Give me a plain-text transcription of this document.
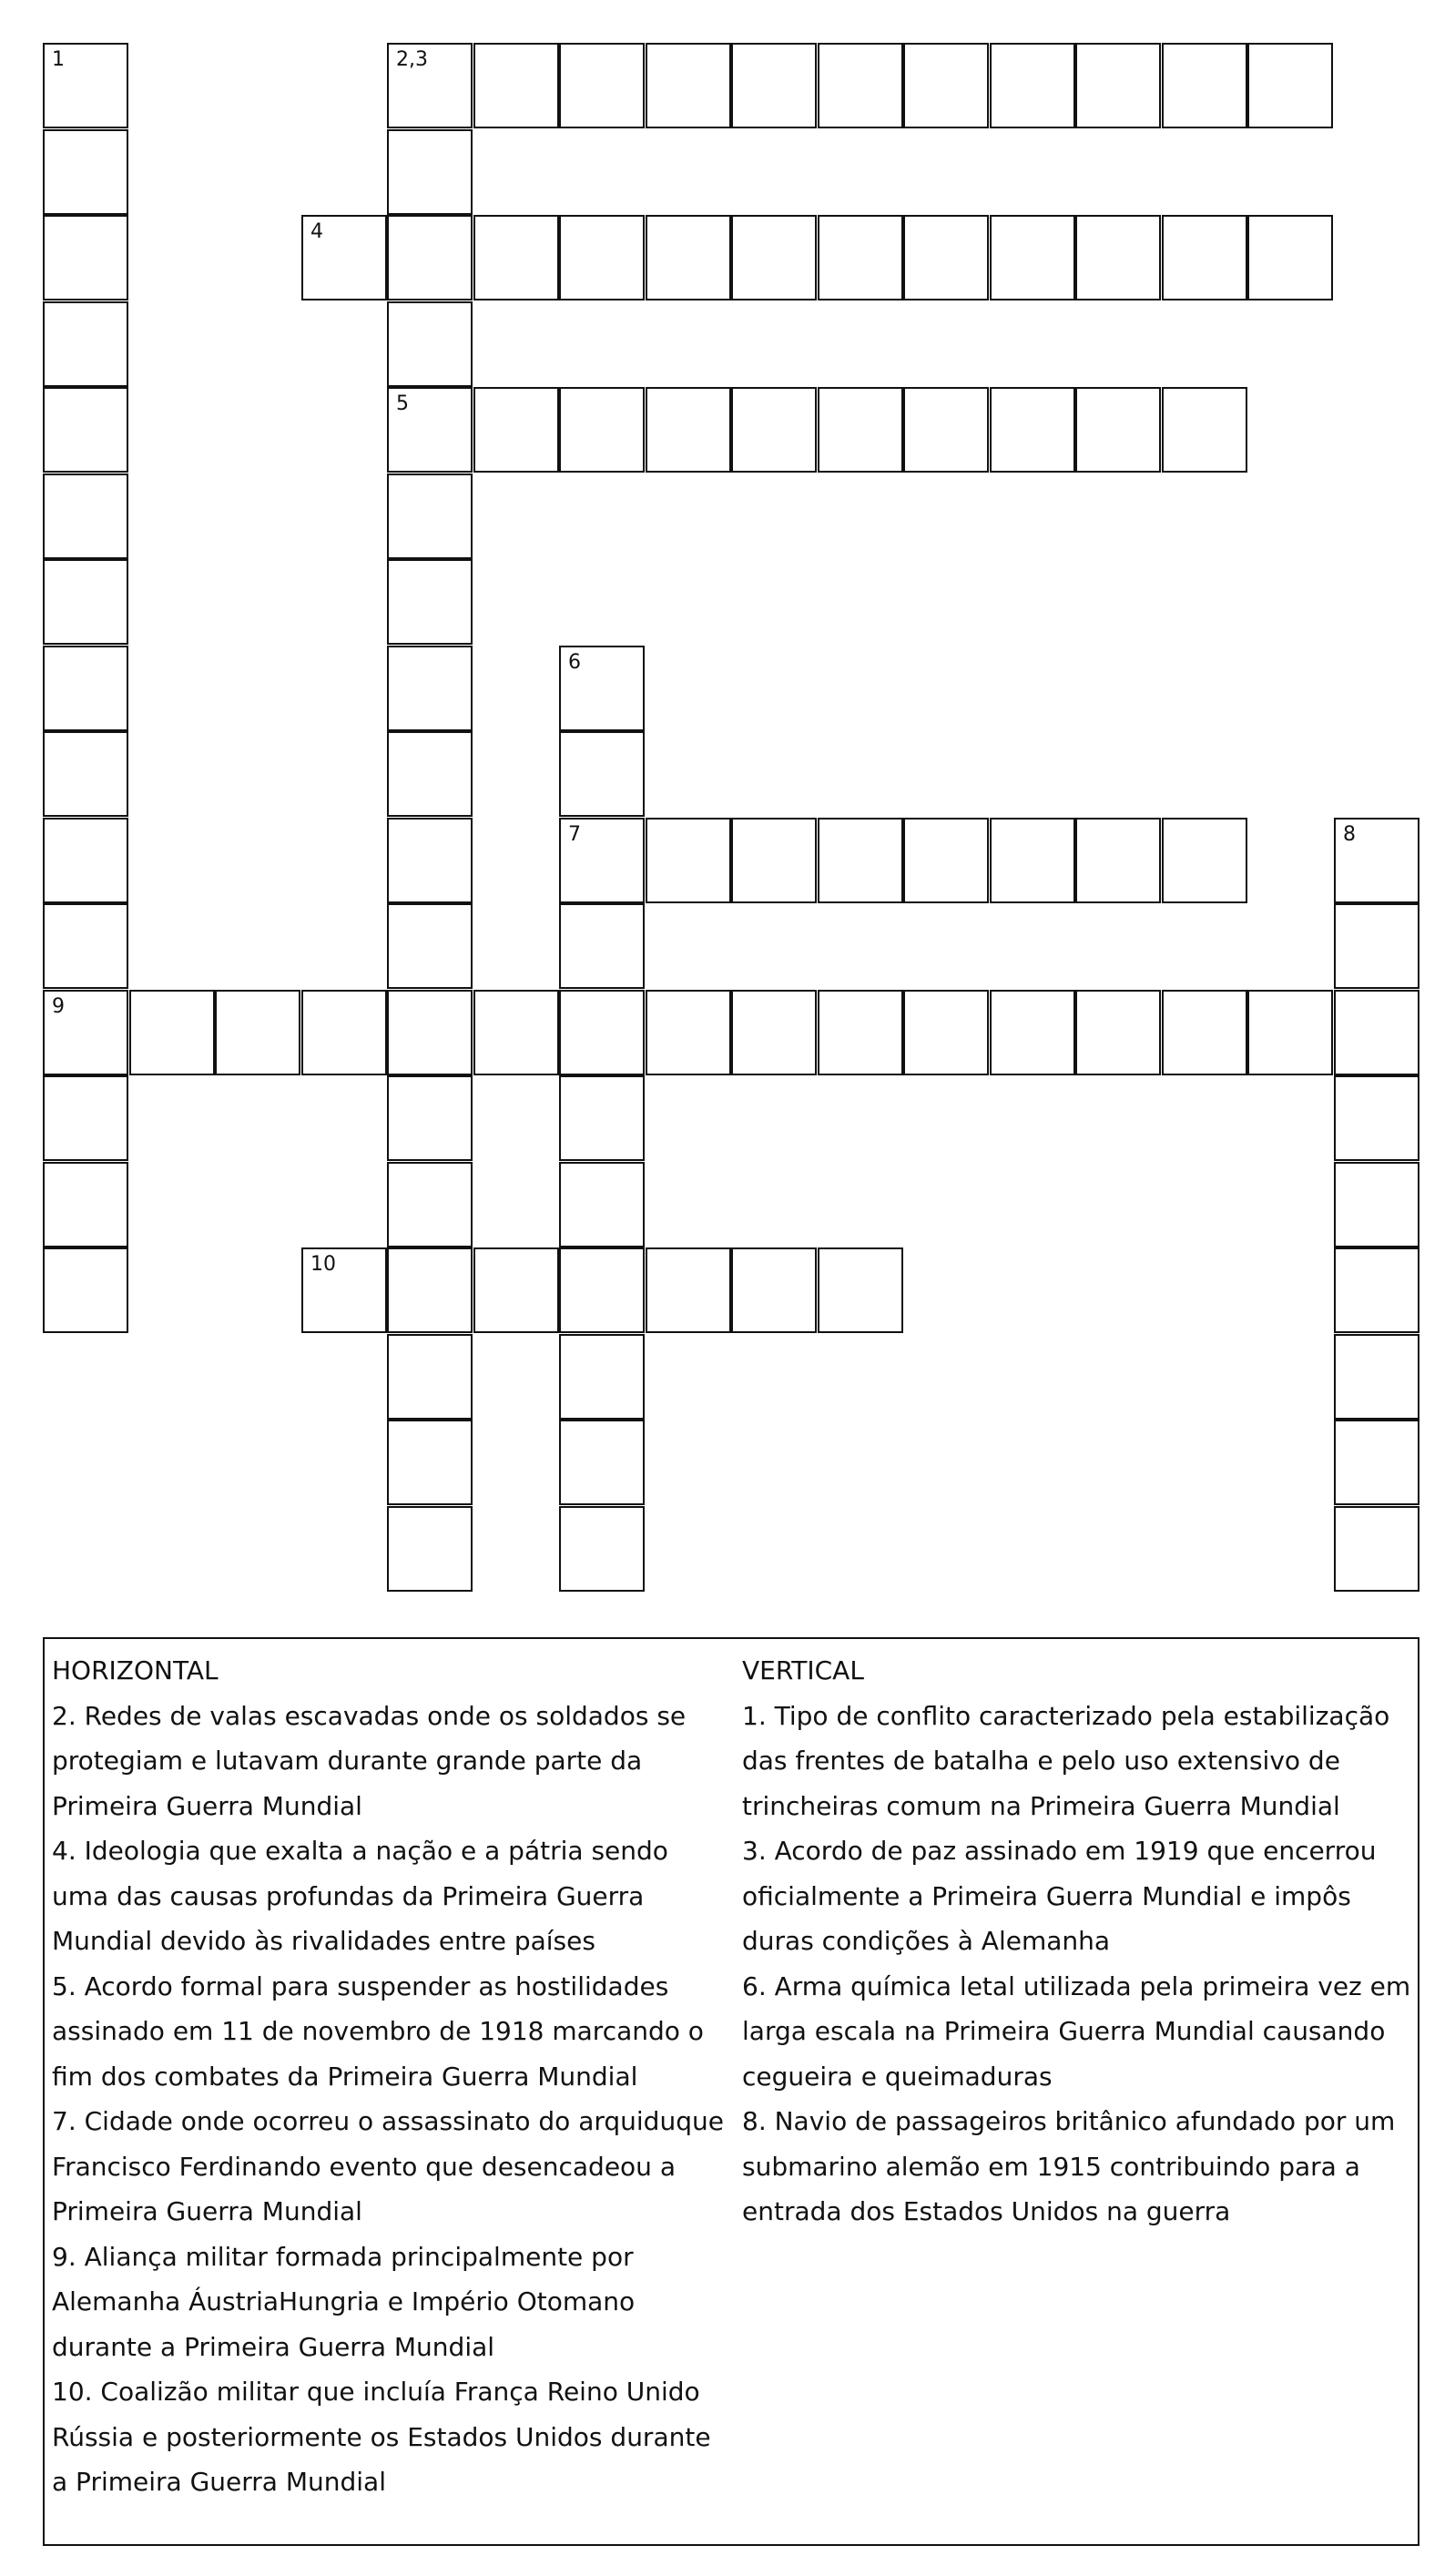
2,3
4
5
7
9
10
1
6
8

HORIZONTAL

2. Redes de valas escavadas onde os soldados se protegiam e lutavam durante grande parte da Primeira Guerra Mundial

4. Ideologia que exalta a nação e a pátria sendo uma das causas profundas da Primeira Guerra Mundial devido às rivalidades entre países

5. Acordo formal para suspender as hostilidades assinado em 11 de novembro de 1918 marcando o fim dos combates da Primeira Guerra Mundial

7. Cidade onde ocorreu o assassinato do arquiduque Francisco Ferdinando evento que desencadeou a Primeira Guerra Mundial

9. Aliança militar formada principalmente por Alemanha ÁustriaHungria e Império Otomano durante a Primeira Guerra Mundial

10. Coalizão militar que incluía França Reino Unido Rússia e posteriormente os Estados Unidos durante a Primeira Guerra Mundial

VERTICAL

1. Tipo de conflito caracterizado pela estabilização das frentes de batalha e pelo uso extensivo de trincheiras comum na Primeira Guerra Mundial

3. Acordo de paz assinado em 1919 que encerrou oficialmente a Primeira Guerra Mundial e impôs duras condições à Alemanha

6. Arma química letal utilizada pela primeira vez em larga escala na Primeira Guerra Mundial causando cegueira e queimaduras

8. Navio de passageiros britânico afundado por um submarino alemão em 1915 contribuindo para a entrada dos Estados Unidos na guerra
